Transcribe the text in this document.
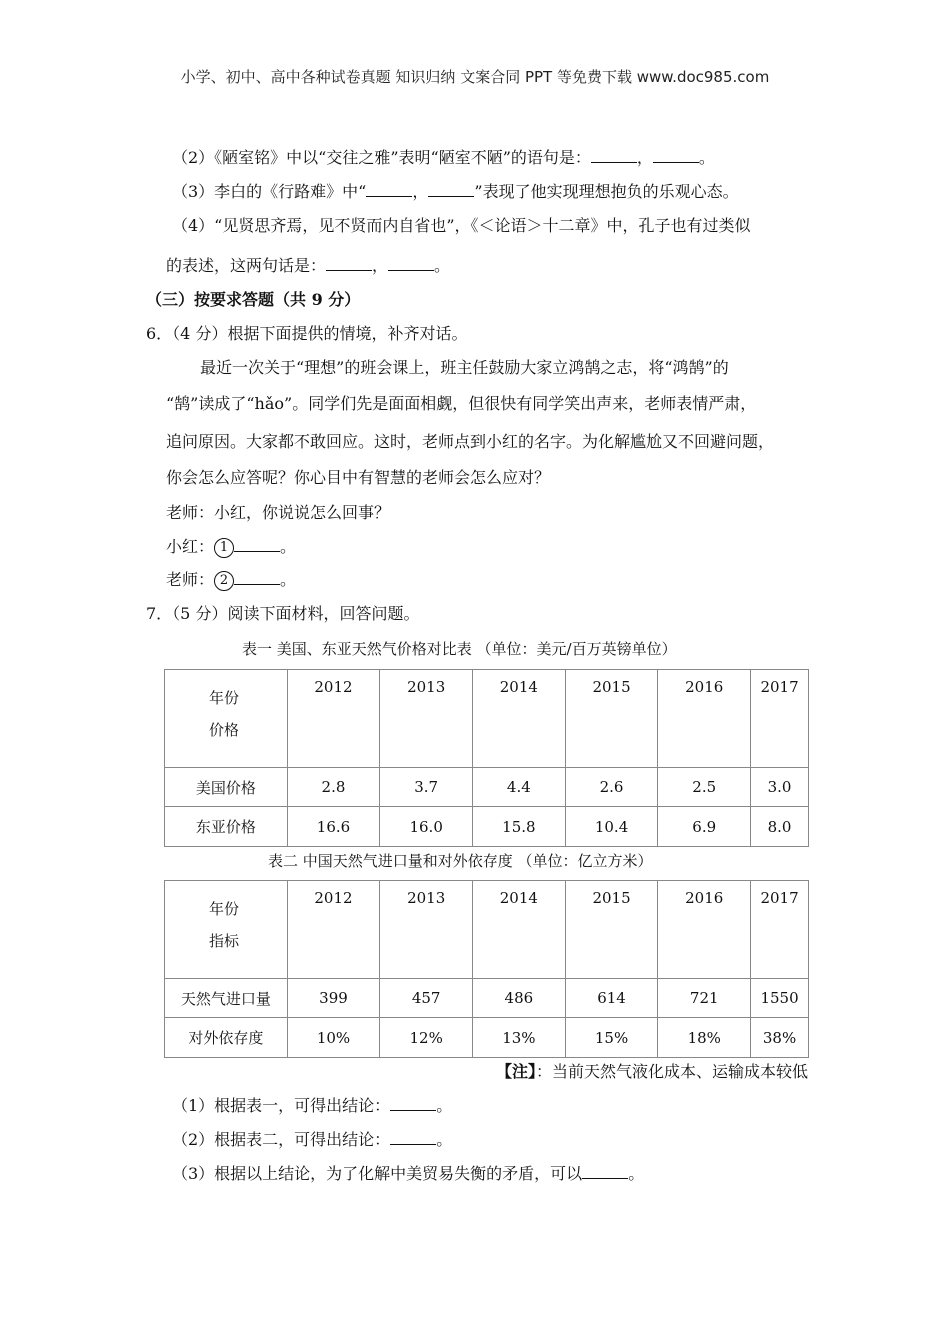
小学、初中、高中各种试卷真题 知识归纳 文案合同 PPT 等免费下载 www.doc985.com
（2）《陋室铭》中以“交往之雅”表明“陋室不陋”的语句是：	，	。
（3）李白的《行路难》中“	，	”表现了他实现理想抱负的乐观心态。
（4）“见贤思齐焉，见不贤而内自省也”，《＜论语＞十二章》中，孔子也有过类似
的表述，这两句话是：	，	。
（三）按要求答题（共 9 分）
6．（4 分）根据下面提供的情境，补齐对话。
最近一次关于“理想”的班会课上，班主任鼓励大家立鸿鹄之志，将“鸿鹄”的
“鹄”读成了“hǎo”。同学们先是面面相觑，但很快有同学笑出声来，老师表情严肃，
追问原因。大家都不敢回应。这时，老师点到小红的名字。为化解尴尬又不回避问题，
你会怎么应答呢？你心目中有智慧的老师会怎么应对？
老师：小红，你说说怎么回事？
小红： 1	。
老师： 2	。
7．（5 分）阅读下面材料，回答问题。
表一 美国、东亚天然气价格对比表 （单位：美元/百万英镑单位）
年份
价格	2012	2013	2014	2015	2016	2017
美国价格	2.8	3.7	4.4	2.6	2.5	3.0
东亚价格	16.6	16.0	15.8	10.4	6.9	8.0
表二 中国天然气进口量和对外依存度 （单位：亿立方米）
年份
指标	2012	2013	2014	2015	2016	2017
天然气进口量	399	457	486	614	721	1550
对外依存度	10%	12%	13%	15%	18%	38%
【注】：当前天然气液化成本、运输成本较低
（1）根据表一，可得出结论：	。
（2）根据表二，可得出结论：	。
（3）根据以上结论，为了化解中美贸易失衡的矛盾，可以	。
